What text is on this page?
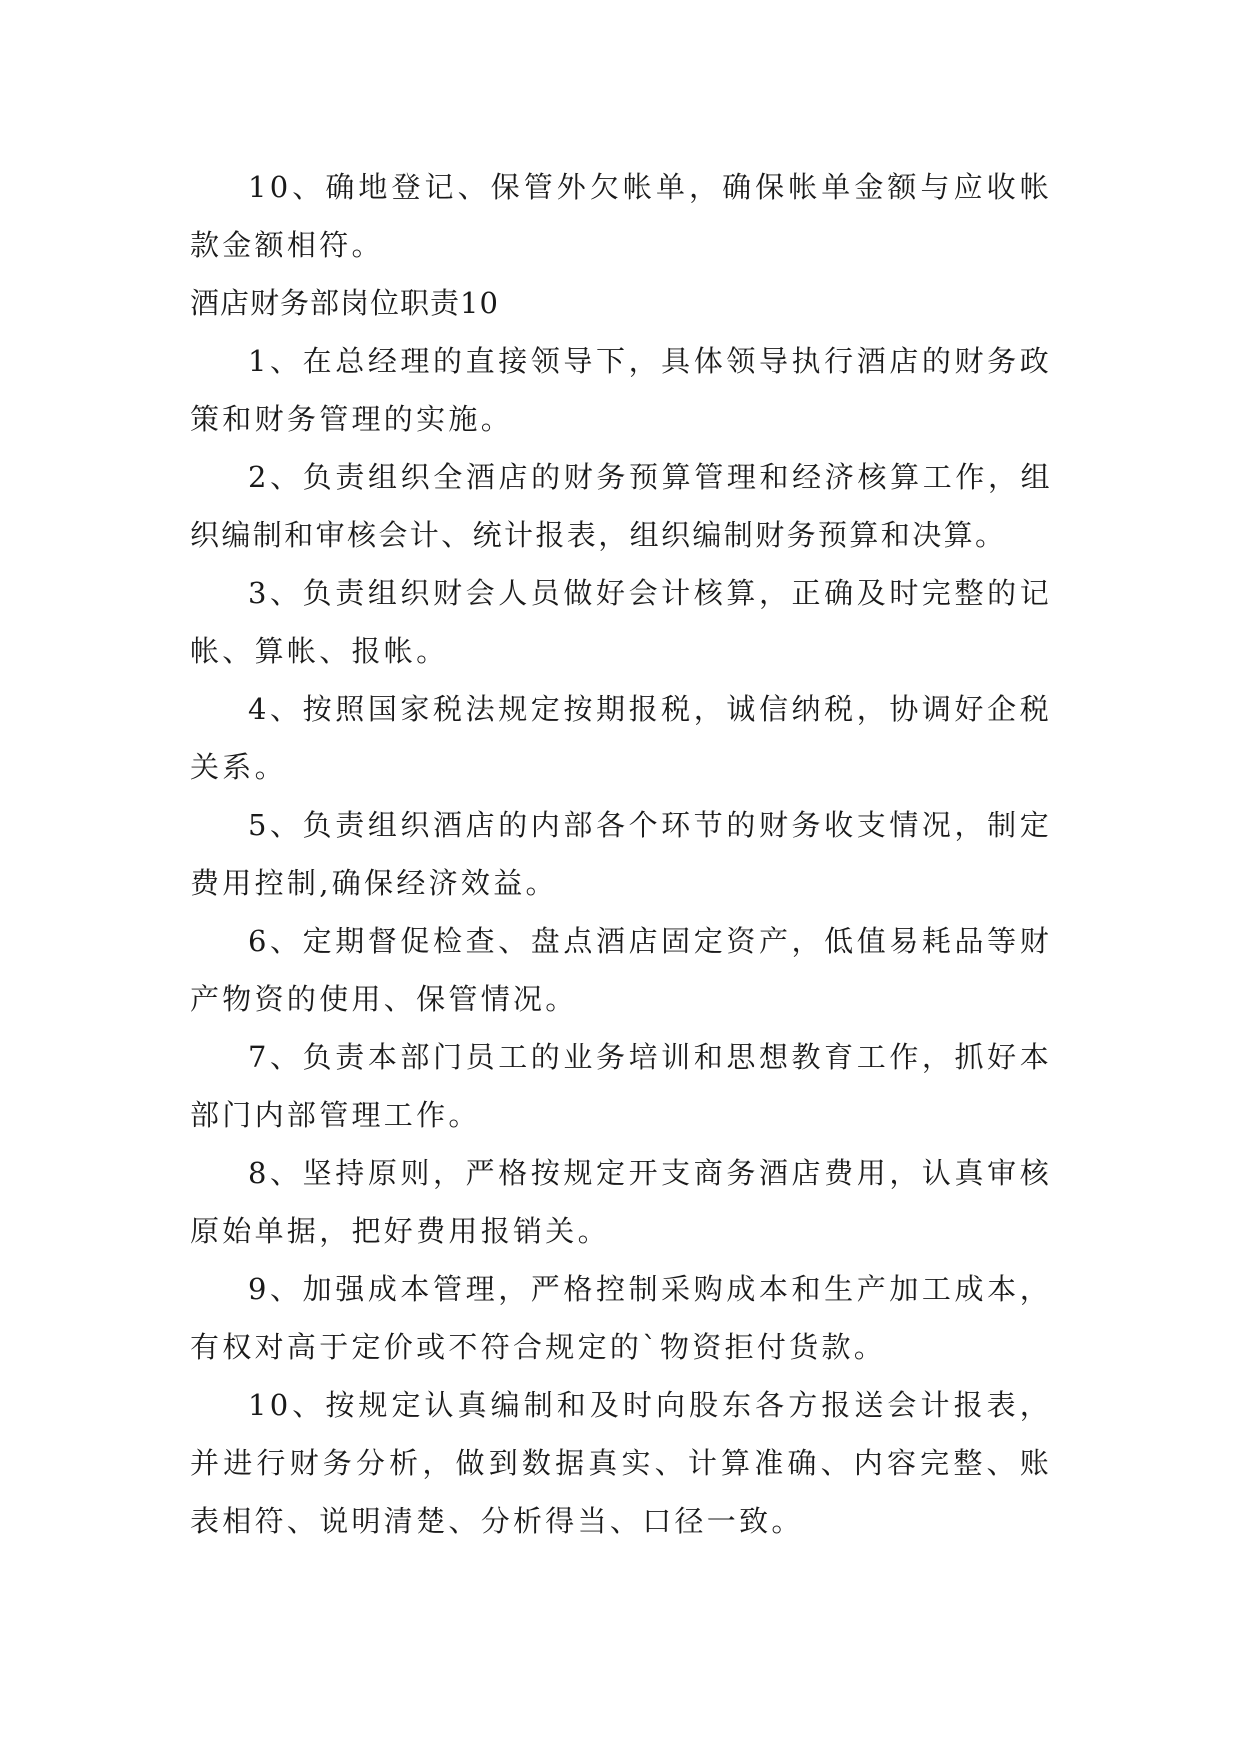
10、确地登记、保管外欠帐单，确保帐单金额与应收帐款金额相符。

酒店财务部岗位职责10

1、在总经理的直接领导下，具体领导执行酒店的财务政策和财务管理的实施。

2、负责组织全酒店的财务预算管理和经济核算工作，组织编制和审核会计、统计报表，组织编制财务预算和决算。

3、负责组织财会人员做好会计核算，正确及时完整的记帐、算帐、报帐。

4、按照国家税法规定按期报税，诚信纳税，协调好企税关系。

5、负责组织酒店的内部各个环节的财务收支情况，制定费用控制,确保经济效益。

6、定期督促检查、盘点酒店固定资产，低值易耗品等财产物资的使用、保管情况。

7、负责本部门员工的业务培训和思想教育工作，抓好本部门内部管理工作。

8、坚持原则，严格按规定开支商务酒店费用，认真审核原始单据，把好费用报销关。

9、加强成本管理，严格控制采购成本和生产加工成本，有权对高于定价或不符合规定的`物资拒付货款。

10、按规定认真编制和及时向股东各方报送会计报表，并进行财务分析，做到数据真实、计算准确、内容完整、账表相符、说明清楚、分析得当、口径一致。
